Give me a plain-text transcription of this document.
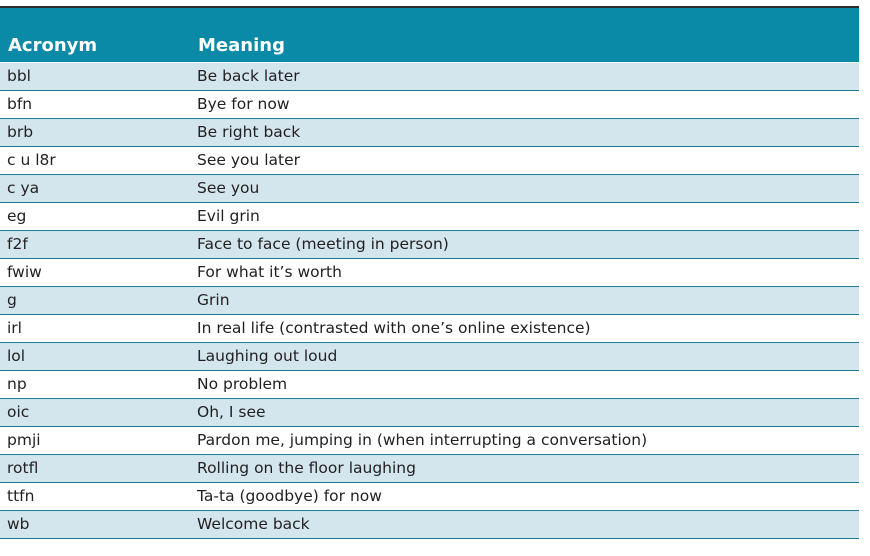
Acronym	Meaning
bbl	Be back later
bfn	Bye for now
brb	Be right back
c u l8r	See you later
c ya	See you
eg	Evil grin
f2f	Face to face (meeting in person)
fwiw	For what it’s worth
g	Grin
irl	In real life (contrasted with one’s online existence)
lol	Laughing out loud
np	No problem
oic	Oh, I see
pmji	Pardon me, jumping in (when interrupting a conversation)
rotfl	Rolling on the floor laughing
ttfn	Ta-ta (goodbye) for now
wb	Welcome back
